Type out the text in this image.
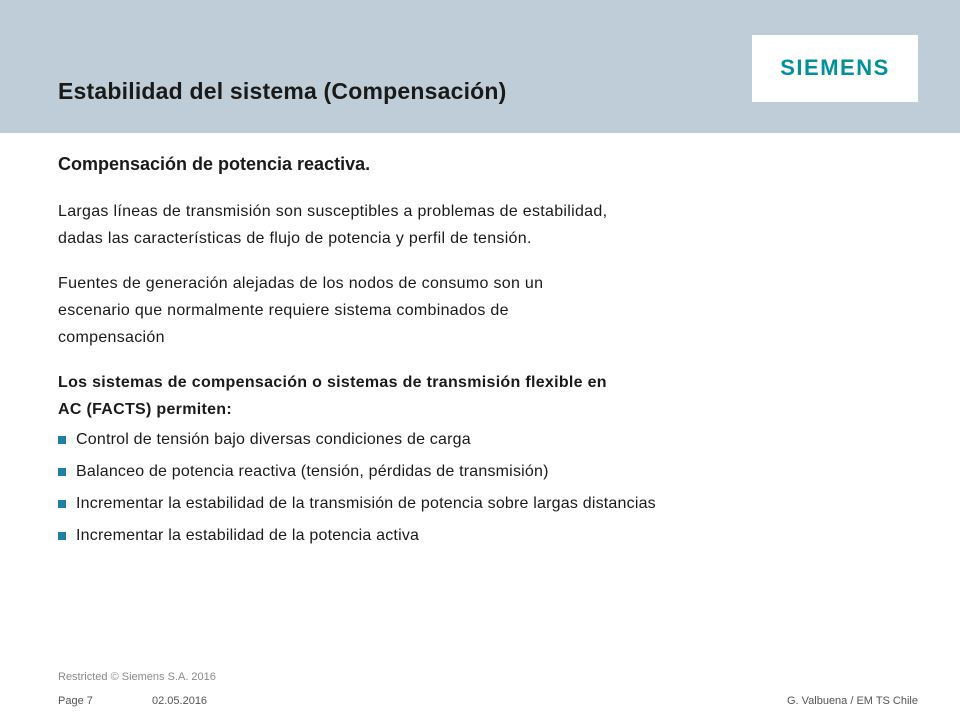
Estabilidad del sistema (Compensación)
SIEMENS
Compensación de potencia reactiva.
Largas líneas de transmisión son susceptibles a problemas de estabilidad,
dadas las características de flujo de potencia y perfil de tensión.
Fuentes de generación alejadas de los nodos de consumo son un
escenario que normalmente requiere sistema combinados de
compensación
Los sistemas de compensación o sistemas de transmisión flexible en
AC (FACTS) permiten:
Control de tensión bajo diversas condiciones de carga
Balanceo de potencia reactiva (tensión, pérdidas de transmisión)
Incrementar la estabilidad de la transmisión de potencia sobre largas distancias
Incrementar la estabilidad de la potencia activa
Restricted © Siemens S.A. 2016
Page 7	02.05.2016	G. Valbuena / EM TS Chile
